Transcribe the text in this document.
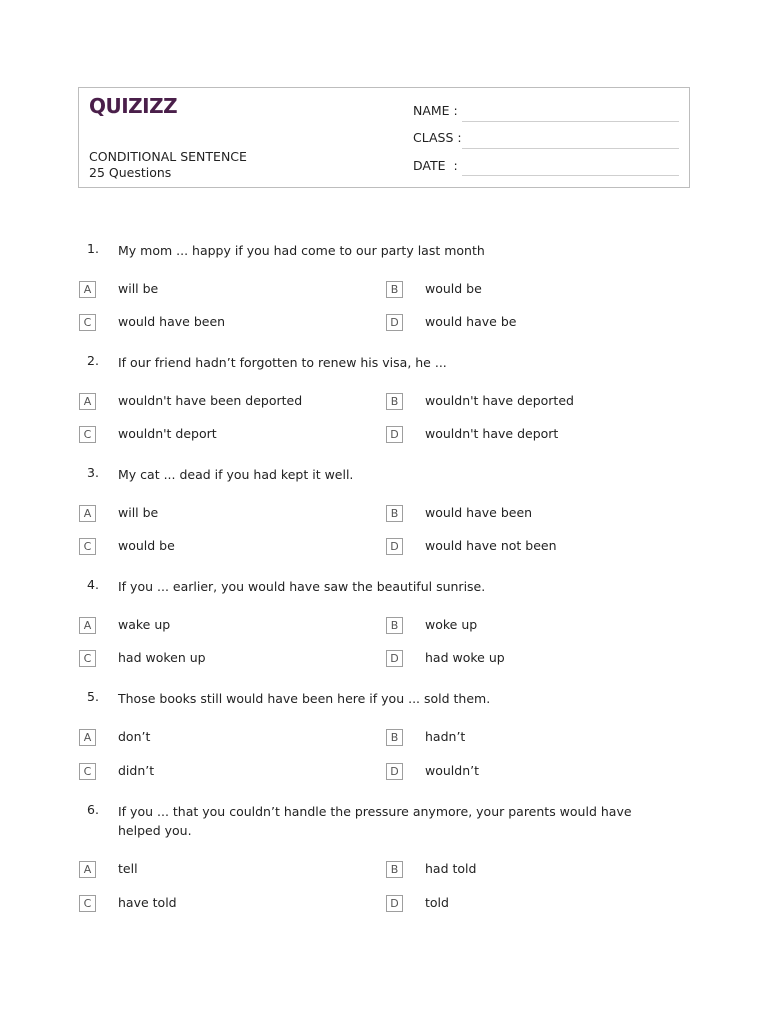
QUIZIZZ
CONDITIONAL SENTENCE
25 Questions
NAME :
CLASS :
DATE  :
1. My mom ... happy if you had come to our party last month
A	will be	B	would be
C	would have been	D	would have be
2. If our friend hadn’t forgotten to renew his visa, he ...
A	wouldn't have been deported	B	wouldn't have deported
C	wouldn't deport	D	wouldn't have deport
3. My cat ... dead if you had kept it well.
A	will be	B	would have been
C	would be	D	would have not been
4. If you ... earlier, you would have saw the beautiful sunrise.
A	wake up	B	woke up
C	had woken up	D	had woke up
5. Those books still would have been here if you ... sold them.
A	don’t	B	hadn’t
C	didn’t	D	wouldn’t
6. If you ... that you couldn’t handle the pressure anymore, your parents would have helped you.
A	tell	B	had told
C	have told	D	told
